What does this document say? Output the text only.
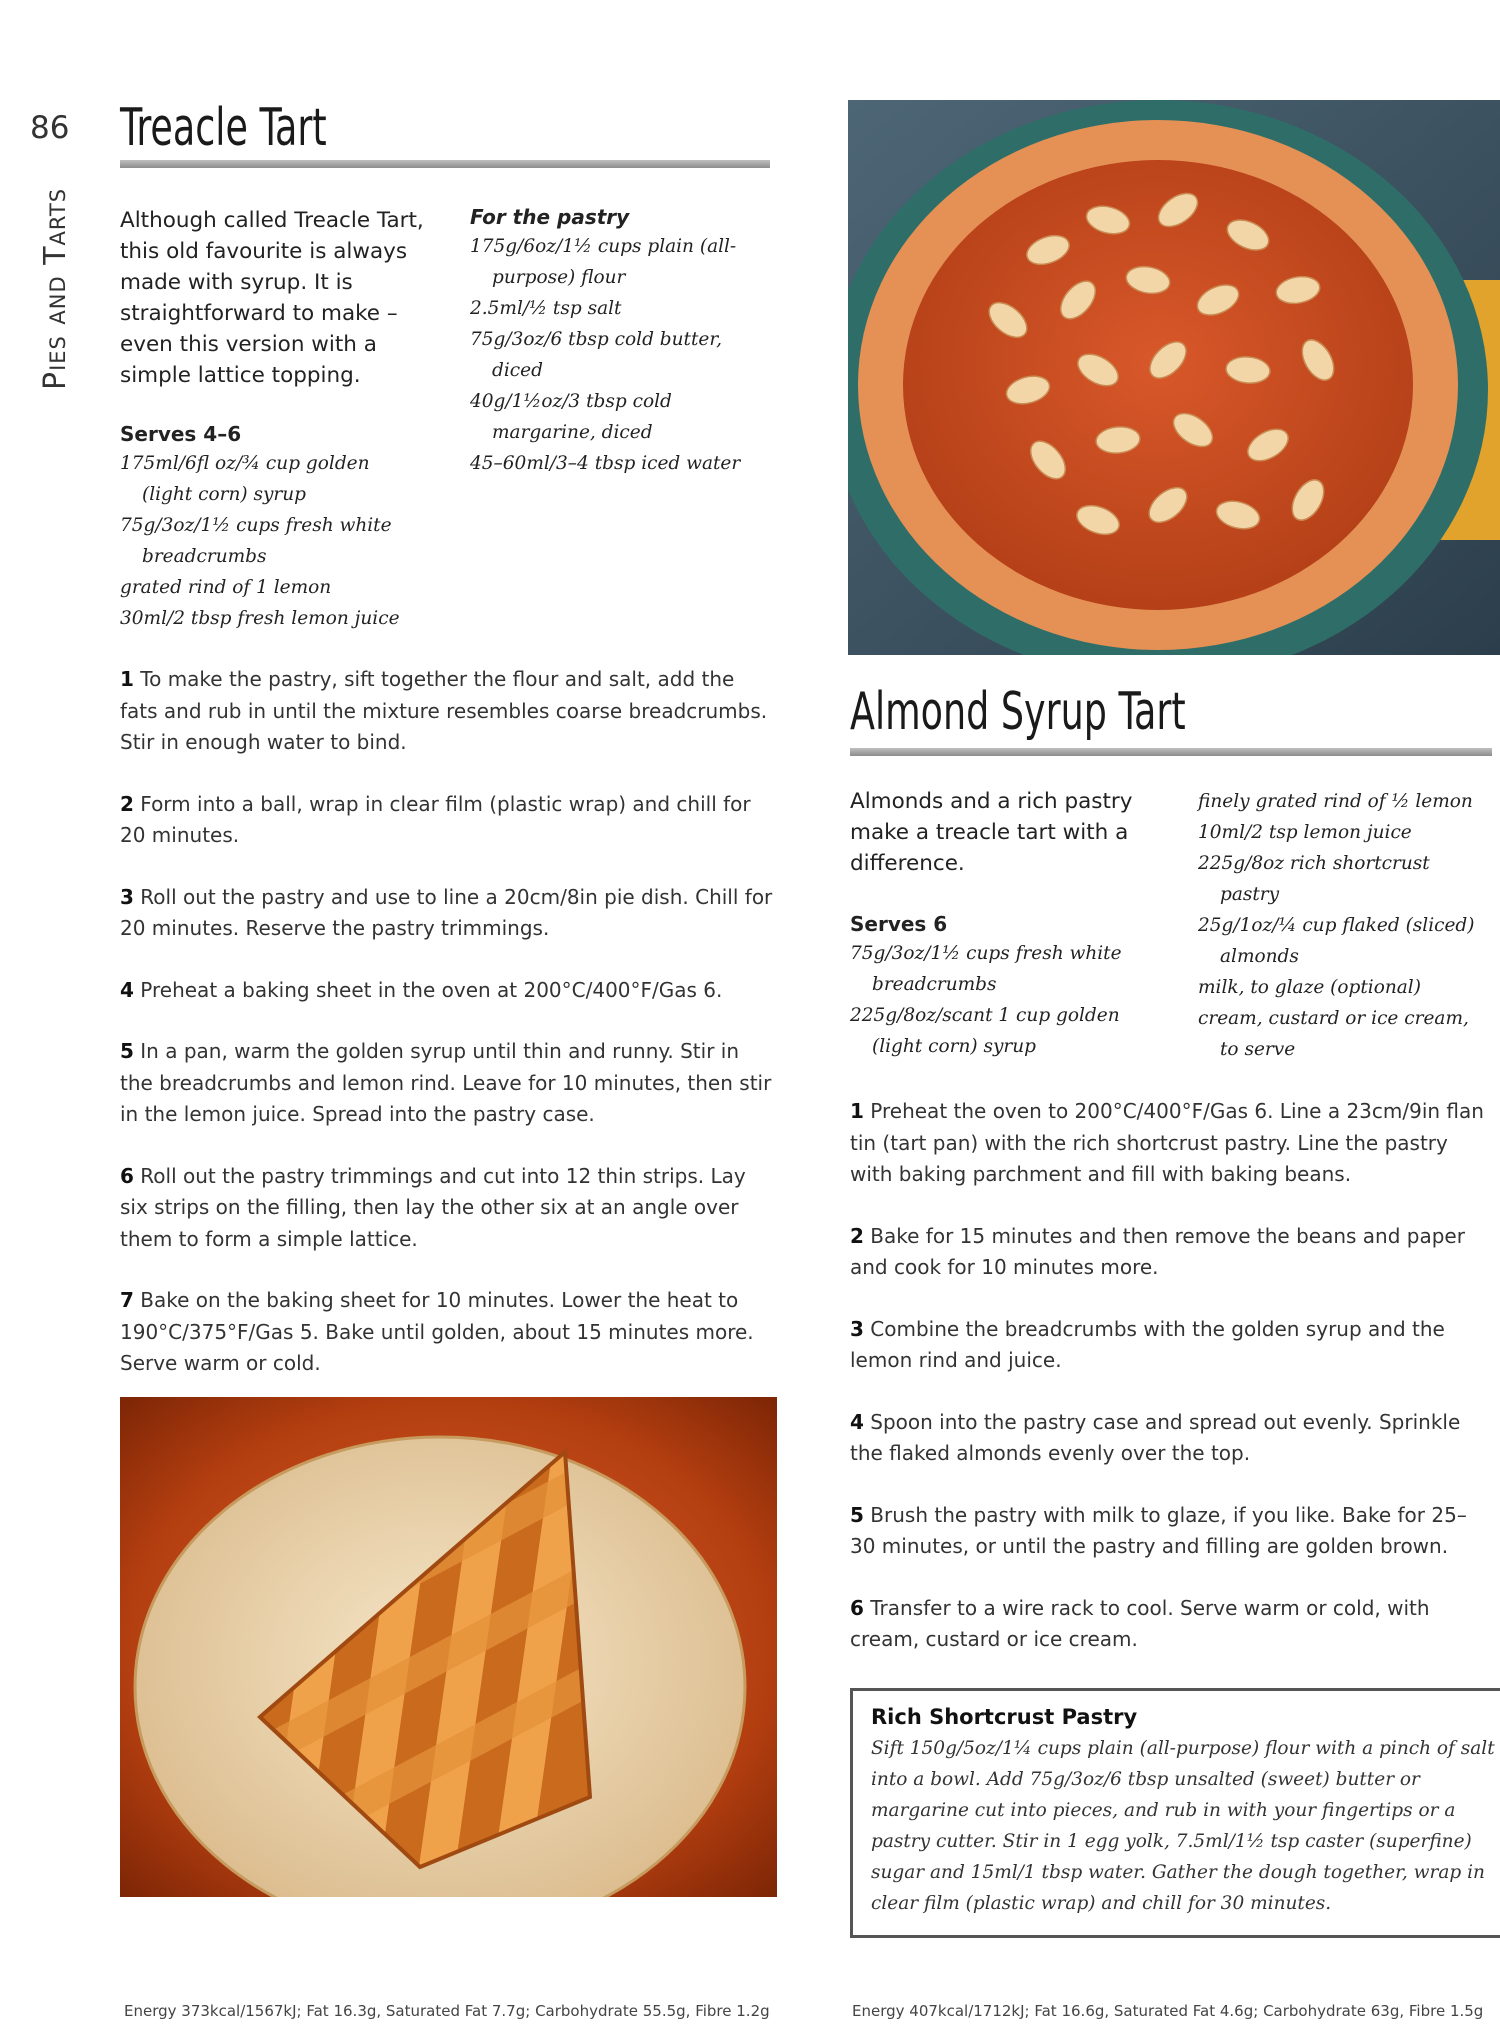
86
Pies and Tarts
Treacle Tart
Although called Treacle Tart, this old favourite is always made with syrup. It is straightforward to make – even this version with a simple lattice topping.
Serves 4–6
175ml/6fl oz/¾ cup golden (light corn) syrup
75g/3oz/1½ cups fresh white breadcrumbs
grated rind of 1 lemon
30ml/2 tbsp fresh lemon juice
For the pastry
175g/6oz/1½ cups plain (all-purpose) flour
2.5ml/½ tsp salt
75g/3oz/6 tbsp cold butter, diced
40g/1½oz/3 tbsp cold margarine, diced
45–60ml/3–4 tbsp iced water

1 To make the pastry, sift together the flour and salt, add the fats and rub in until the mixture resembles coarse breadcrumbs. Stir in enough water to bind.

2 Form into a ball, wrap in clear film (plastic wrap) and chill for 20 minutes.

3 Roll out the pastry and use to line a 20cm/8in pie dish. Chill for 20 minutes. Reserve the pastry trimmings.

4 Preheat a baking sheet in the oven at 200°C/400°F/Gas 6.

5 In a pan, warm the golden syrup until thin and runny. Stir in the breadcrumbs and lemon rind. Leave for 10 minutes, then stir in the lemon juice. Spread into the pastry case.

6 Roll out the pastry trimmings and cut into 12 thin strips. Lay six strips on the filling, then lay the other six at an angle over them to form a simple lattice.

7 Bake on the baking sheet for 10 minutes. Lower the heat to 190°C/375°F/Gas 5. Bake until golden, about 15 minutes more. Serve warm or cold.

Energy 373kcal/1567kJ; Fat 16.3g, Saturated Fat 7.7g; Carbohydrate 55.5g, Fibre 1.2g
Almond Syrup Tart
Almonds and a rich pastry make a treacle tart with a difference.
Serves 6
75g/3oz/1½ cups fresh white breadcrumbs
225g/8oz/scant 1 cup golden (light corn) syrup
finely grated rind of ½ lemon
10ml/2 tsp lemon juice
225g/8oz rich shortcrust pastry
25g/1oz/¼ cup flaked (sliced) almonds
milk, to glaze (optional)
cream, custard or ice cream, to serve

1 Preheat the oven to 200°C/400°F/Gas 6. Line a 23cm/9in flan tin (tart pan) with the rich shortcrust pastry. Line the pastry with baking parchment and fill with baking beans.

2 Bake for 15 minutes and then remove the beans and paper and cook for 10 minutes more.

3 Combine the breadcrumbs with the golden syrup and the lemon rind and juice.

4 Spoon into the pastry case and spread out evenly. Sprinkle the flaked almonds evenly over the top.

5 Brush the pastry with milk to glaze, if you like. Bake for 25–30 minutes, or until the pastry and filling are golden brown.

6 Transfer to a wire rack to cool. Serve warm or cold, with cream, custard or ice cream.

Rich Shortcrust Pastry
Sift 150g/5oz/1¼ cups plain (all-purpose) flour with a pinch of salt into a bowl. Add 75g/3oz/6 tbsp unsalted (sweet) butter or margarine cut into pieces, and rub in with your fingertips or a pastry cutter. Stir in 1 egg yolk, 7.5ml/1½ tsp caster (superfine) sugar and 15ml/1 tbsp water. Gather the dough together, wrap in clear film (plastic wrap) and chill for 30 minutes.
Energy 407kcal/1712kJ; Fat 16.6g, Saturated Fat 4.6g; Carbohydrate 63g, Fibre 1.5g
